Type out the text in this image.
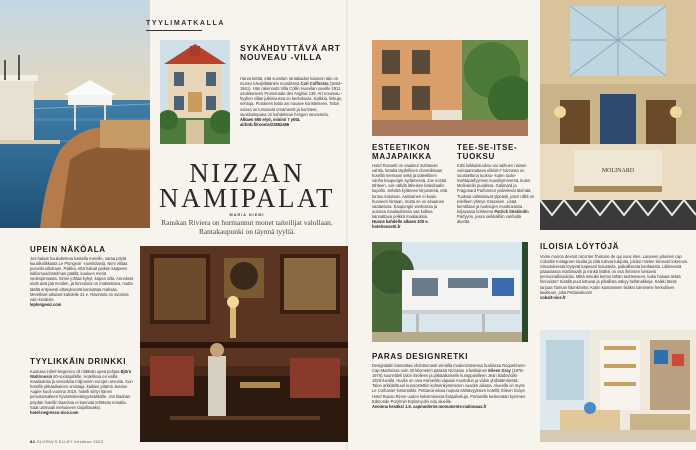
TYYLIMATKALLA
SYKÄHDYTTÄVÄ ART NOUVEAU -VILLA
Harva tietää, että suositun rantakadun kaunein talo on museo kävijöiltäänkin mondännä Carl Coffinista (1863–1941). Hän rakennutti Villa Collin Huovilan suvelle 1911 osoitteeseen Promenade des Anglais 139. Art nouveau -hyylien villan julkisivussa on kerkokuvia. Kaikkia, linkuja, nehtoja. Punainen katto asi nousee koristeineen. Talon ovissa on lumoavat ornamentit ja koristeet, suosituimpana on kahdeksan hengen seurustelu.
Alkaen 550 e/yö, minimi 7 yötä.
airbnb.fi/rooms/23552466
NIZZAN
NAMIPALAT
MARIA NIEMI
Ranskan Riviera on hurmannut monet taiteilijat valollaan. Rantakaupunki on täynnä tyyliä.
UPEIN NÄKÖALA
Jos haluat houkutteleva katsella merelle, varaa pöytä kuusikolikkasta Le Plongeoir -ravintolasta. Nimi viittaa punoshuoltokaan. Paikka, että haluat paikan kaapeen kalliomuodostelman päällä, kuuluen meriä vedenpinnasta. Sinne johtaa kyhyt, kapea silta. Annokset eivät aivä jää meiden, ja hinnoissa on maksettava, mutta täältä erityisesti elämyksestä kannattaa maksaa. Merelliset aikuiset kahdelle 31 e. Ravintola on avoinna vain kesäisin.
leplongeoir.com
TYYLIKKÄIN DRINKKI
Kuuluisa Hôtel Negresco oli riittävän upea pohjaa Björn Wahlroosin 60-vuotisjuhlille. Hotellissa en esillä maalauksia ja veistoksia miljoonien eurojen arvosta. Kun hotellin pitkäaikainen omistaja, kaikien pitämä Jeanne Augier kuoli vuonna 2019, hotelli siirtyi hänen perustamalleen hyväntekeväisyyssäätiölle. Jos tilaahan pöydän hotellin baarissa ei kannata tehtävän ennalta. Saat unimaali mehuineen tarjoiltavaksi.
hotel-negresco-nice.com
84 GLORIA'S ELLEY Kesäkuu 2023
MOLINARD
ESTEETIKON MAJAPAIKKA
Hotel Rossetti on vaatinut mahtavan vahtia, tietakä täydellinen charmikkaan hotellin teemaan sekä ja taiteellinen vanha kaupungin sydämessä. Joe nostat tähteen, voit nähdä läheisen katedraalin kupolin. Selvittä kyläneen kirjundesä, että tuntuu kotoisan. Aamiainen ei kuulu huoneen hintaan, mutta se on ainaanen saatavissa. Kaupungin vanhoissa ja uusissa maalauksissa saa kulkea kannattava pelkkä maalauksia.
Huone kahdelle alkaen 100 e.
hotelrossetti.fr
TEE-SE-ITSE-TUOKSU
Kiitti luikkaistuoksu vai vaihuen naisen voimaannuttava elikiirin? Nizzasta on suositeltuna tuoksu- kuten tuote-mahtaparfyymien kuusikymmentä, kuten Molinardin puodissa. Galimard ja Fragonard Parfumeur palvelevat täsmää. Tuoksut valmistavat ylpeästi, joten niillä on edelleen yhteys Grasseen. Lisää kerrallaan ja tuoksujen muuttuvassa kirjavassa kohteena Patrick Süskindin Parfyymi, jossa seikkailtiin vanhalla aluetta.
PARAS DESIGNRETKI
Designtaitin kannattaa ehdottomasti vierailla modernistisessa huvilassa Roquebrune-Cap-Martinissa noin 30 kilometrin päässä Nizzasta. Irlantilainen Eileen Gray (1878–1976) suunnitteli talon itselleen ja pitkäaikaiselle kumppanilleen Jean Badovicille 1920-luvulla. Huvila on oiva esimerkki vapaan muotoilun ja valon yhdistämisestä. Talon arkkitehtuuri kunnostettiin kolmenkymmenen vuoden aikana. Alueella on myös Le Corbusier lomamökki. Pettanoinnissa nopeat nähtävyyksien hotellit; Eileen Grayn Hotel Ruusu Rinne uuden keksimisessä lisäpalveluja. Portaisilla keskenään kymmen Edmonde Poryhnin Eiplomyuhs edu alueille.
Avoinna kesäksi 1.5. capmoderne.monuments-nationaux.fr
ILOISIA LÖYTÖJÄ
Voine moiron devroit roconter l'histoire de qui vous êtes. Lauseen pituinen cap Cobaltin Instagram-sivulta ja siitä tulevat lukijoita, joiden mielen kiinnosti lokeroon. Sisustuksesta löytyvät kapeasti mausteita, paikallisesta kankaasta. Liikkeessä pääasiassa mattimaalit ja minkä lisäksi on osa ihmisten loistavia persoonallisuuksia. Mikä minulla kertoo tähän tuotteeseen, kuka haluaa tietää hinnoista? Sisällä puut lettuvat ja pihallista näkyy hellänakkeja. Kaikki tässä tarjoaa Tarinan liitonkimitsi; Kotiin kantamisen lisäksi toimimme herkullisen laukkuun, joka Pettanuikoon!
cobalt-nice.fr
